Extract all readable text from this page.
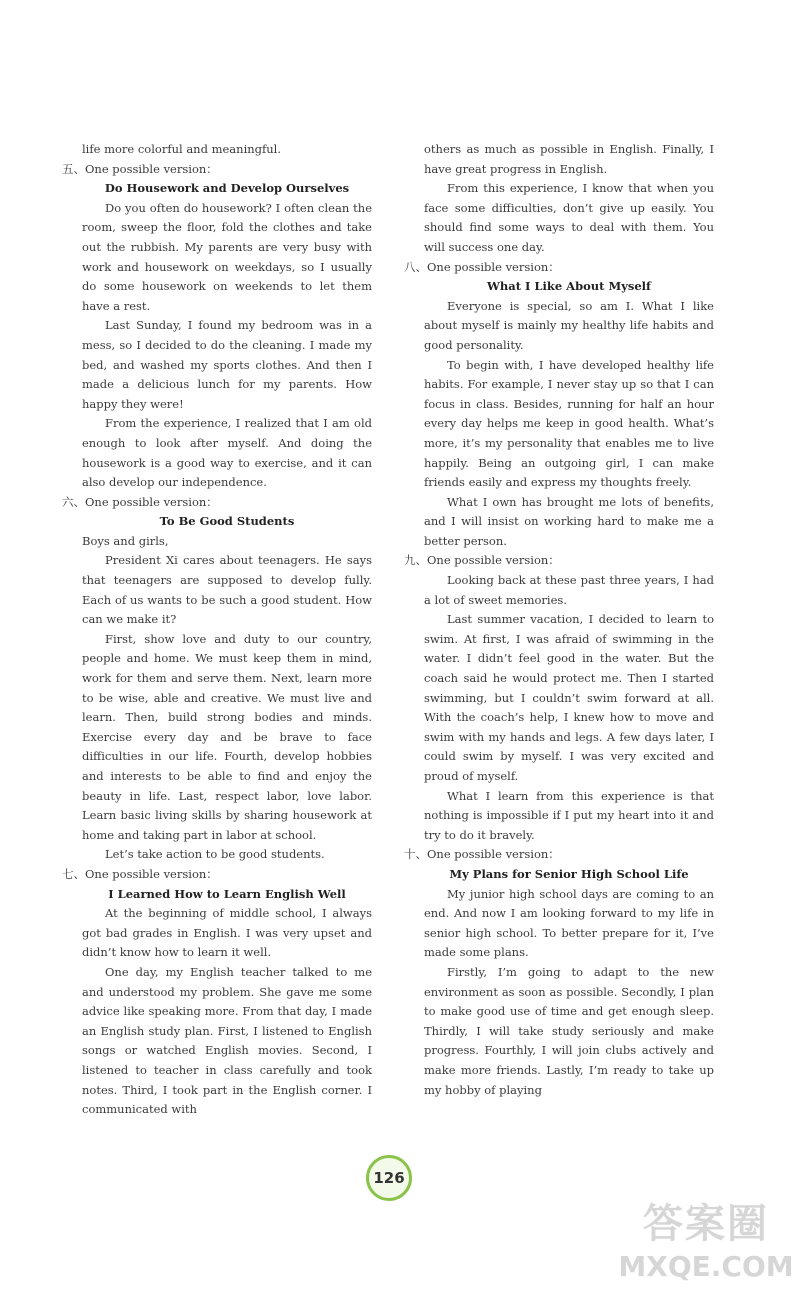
life more colorful and meaningful.
五、One possible version：
Do Housework and Develop Ourselves
Do you often do housework? I often clean the room, sweep the floor, fold the clothes and take out the rubbish. My parents are very busy with work and housework on weekdays, so I usually do some housework on weekends to let them have a rest.
Last Sunday, I found my bedroom was in a mess, so I decided to do the cleaning. I made my bed, and washed my sports clothes. And then I made a delicious lunch for my parents. How happy they were!
From the experience, I realized that I am old enough to look after myself. And doing the housework is a good way to exercise, and it can also develop our independence.
六、One possible version：
To Be Good Students
Boys and girls,
President Xi cares about teenagers. He says that teenagers are supposed to develop fully. Each of us wants to be such a good student. How can we make it?
First, show love and duty to our country, people and home. We must keep them in mind, work for them and serve them. Next, learn more to be wise, able and creative. We must live and learn. Then, build strong bodies and minds. Exercise every day and be brave to face difficulties in our life. Fourth, develop hobbies and interests to be able to find and enjoy the beauty in life. Last, respect labor, love labor. Learn basic living skills by sharing housework at home and taking part in labor at school.
Let’s take action to be good students.
七、One possible version：
I Learned How to Learn English Well
At the beginning of middle school, I always got bad grades in English. I was very upset and didn’t know how to learn it well.
One day, my English teacher talked to me and understood my problem. She gave me some advice like speaking more. From that day, I made an English study plan. First, I listened to English songs or watched English movies. Second, I listened to teacher in class carefully and took notes. Third, I took part in the English corner. I communicated with
others as much as possible in English. Finally, I have great progress in English.
From this experience, I know that when you face some difficulties, don’t give up easily. You should find some ways to deal with them. You will success one day.
八、One possible version：
What I Like About Myself
Everyone is special, so am I. What I like about myself is mainly my healthy life habits and good personality.
To begin with, I have developed healthy life habits. For example, I never stay up so that I can focus in class. Besides, running for half an hour every day helps me keep in good health. What’s more, it’s my personality that enables me to live happily. Being an outgoing girl, I can make friends easily and express my thoughts freely.
What I own has brought me lots of benefits, and I will insist on working hard to make me a better person.
九、One possible version：
Looking back at these past three years, I had a lot of sweet memories.
Last summer vacation, I decided to learn to swim. At first, I was afraid of swimming in the water. I didn’t feel good in the water. But the coach said he would protect me. Then I started swimming, but I couldn’t swim forward at all. With the coach’s help, I knew how to move and swim with my hands and legs. A few days later, I could swim by myself. I was very excited and proud of myself.
What I learn from this experience is that nothing is impossible if I put my heart into it and try to do it bravely.
十、One possible version：
My Plans for Senior High School Life
My junior high school days are coming to an end. And now I am looking forward to my life in senior high school. To better prepare for it, I’ve made some plans.
Firstly, I’m going to adapt to the new environment as soon as possible. Secondly, I plan to make good use of time and get enough sleep. Thirdly, I will take study seriously and make progress. Fourthly, I will join clubs actively and make more friends. Lastly, I’m ready to take up my hobby of playing
126
答案圈
MXQE.COM
